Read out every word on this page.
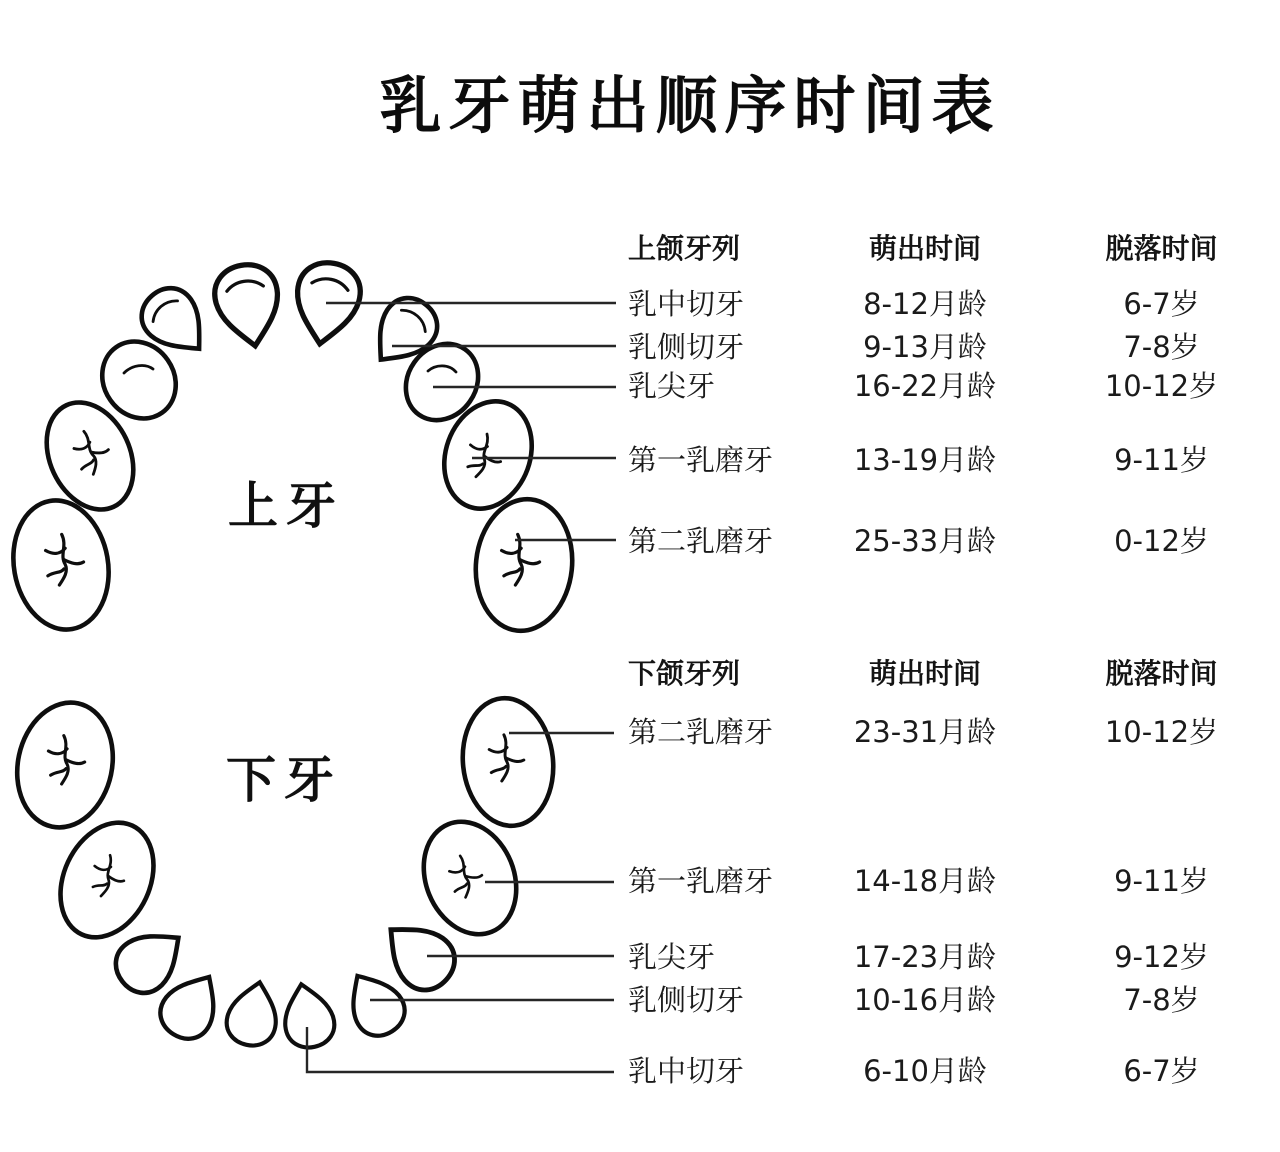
乳牙萌出顺序时间表
上牙
下牙
上颌牙列	萌出时间	脱落时间
乳中切牙	8-12月龄	6-7岁
乳侧切牙	9-13月龄	7-8岁
乳尖牙	16-22月龄	10-12岁
第一乳磨牙	13-19月龄	9-11岁
第二乳磨牙	25-33月龄	0-12岁
下颌牙列	萌出时间	脱落时间
第二乳磨牙	23-31月龄	10-12岁
第一乳磨牙	14-18月龄	9-11岁
乳尖牙	17-23月龄	9-12岁
乳侧切牙	10-16月龄	7-8岁
乳中切牙	6-10月龄	6-7岁
